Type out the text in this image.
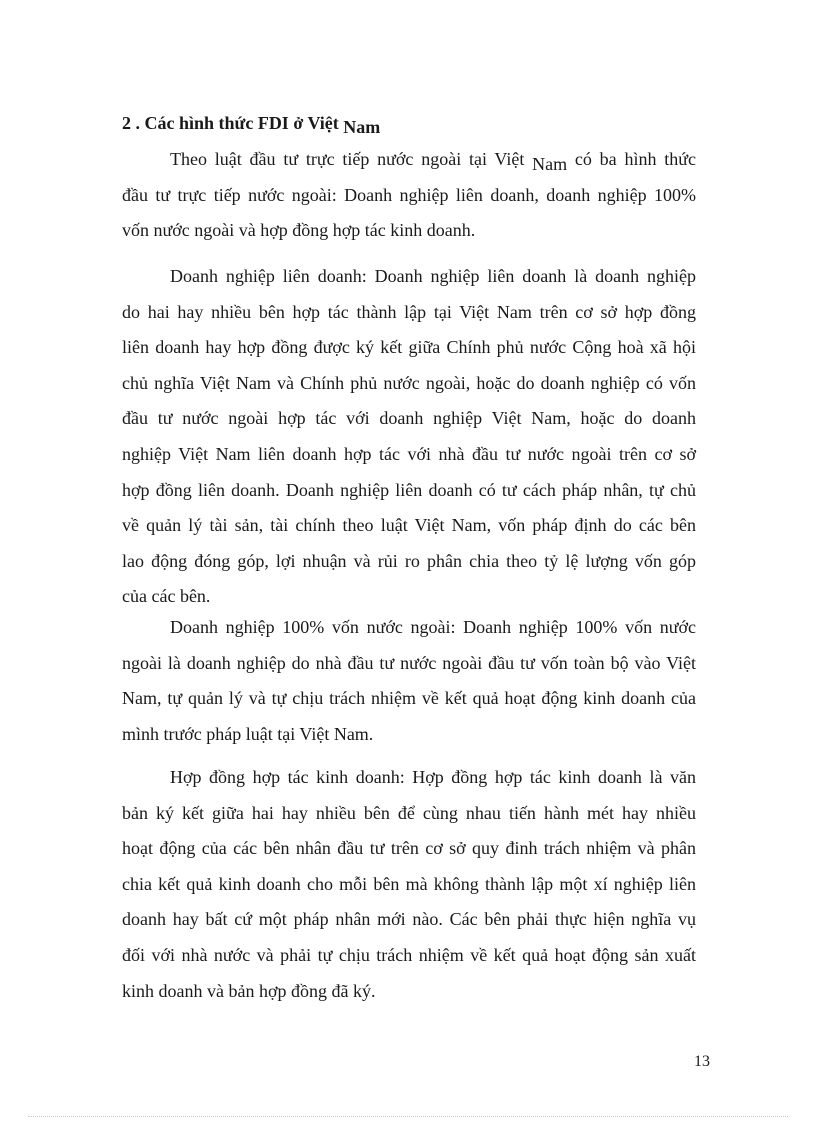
2 . Các hình thức FDI ở Việt Nam
Theo luật đầu tư trực tiếp nước ngoài tại Việt Nam có ba hình thức
đầu tư trực tiếp nước ngoài: Doanh nghiệp liên doanh, doanh nghiệp 100%
vốn nước ngoài và hợp đồng hợp tác kinh doanh.
Doanh nghiệp liên doanh: Doanh nghiệp liên doanh là doanh nghiệp
do hai hay nhiều bên hợp tác thành lập tại Việt Nam trên cơ sở hợp đồng
liên doanh hay hợp đồng được ký kết giữa Chính phủ nước Cộng hoà xã hội
chủ nghĩa Việt Nam và Chính phủ nước ngoài, hoặc do doanh nghiệp có vốn
đầu tư nước ngoài hợp tác với doanh nghiệp Việt Nam, hoặc do doanh
nghiệp Việt Nam liên doanh hợp tác với nhà đầu tư nước ngoài trên cơ sở
hợp đồng liên doanh. Doanh nghiệp liên doanh có tư cách pháp nhân, tự chủ
về quản lý tài sản, tài chính theo luật Việt Nam, vốn pháp định do các bên
lao động đóng góp, lợi nhuận và rủi ro phân chia theo tỷ lệ lượng vốn góp
của các bên.
Doanh nghiệp 100% vốn nước ngoài: Doanh nghiệp 100% vốn nước
ngoài là doanh nghiệp do nhà đầu tư nước ngoài đầu tư vốn toàn bộ vào Việt
Nam, tự quản lý và tự chịu trách nhiệm về kết quả hoạt động kinh doanh của
mình trước pháp luật tại Việt Nam.
Hợp đồng hợp tác kinh doanh: Hợp đồng hợp tác kinh doanh là văn
bản ký kết giữa hai hay nhiều bên để cùng nhau tiến hành mét hay nhiều
hoạt động của các bên nhân đầu tư trên cơ sở quy đinh trách nhiệm và phân
chia kết quả kinh doanh cho mỗi bên mà không thành lập một xí nghiệp liên
doanh hay bất cứ một pháp nhân mới nào. Các bên phải thực hiện nghĩa vụ
đối với nhà nước và phải tự chịu trách nhiệm về kết quả hoạt động sản xuất
kinh doanh và bản hợp đồng đã ký.
13
